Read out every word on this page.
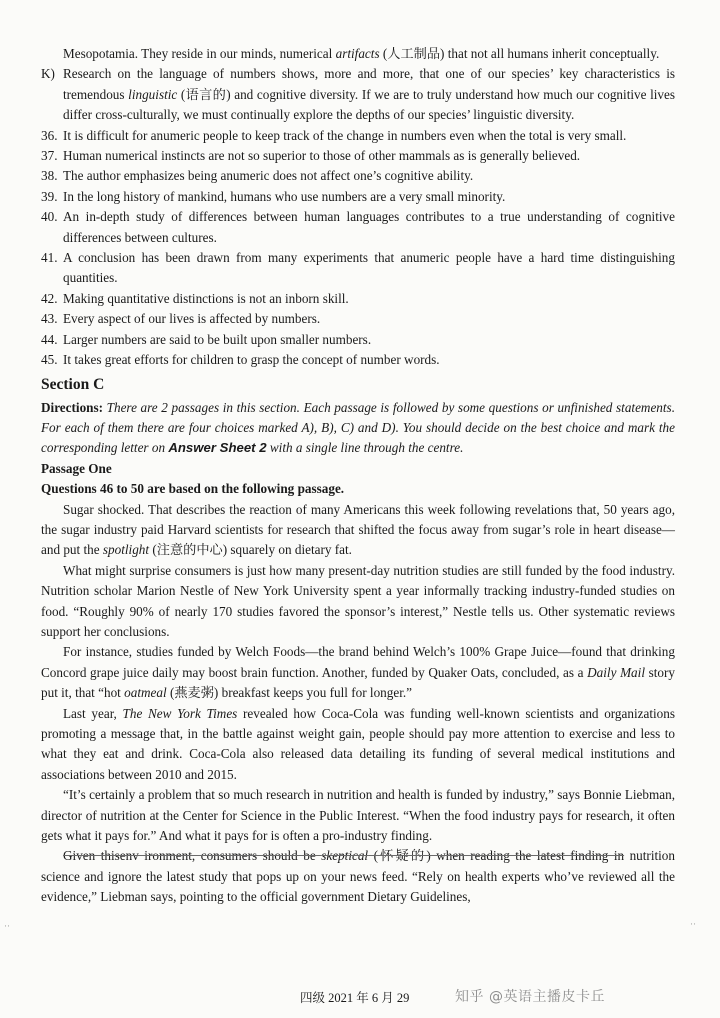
Mesopotamia. They reside in our minds, numerical artifacts (人工制品) that not all humans inherit conceptually.

K) Research on the language of numbers shows, more and more, that one of our species’ key characteristics is tremendous linguistic (语言的) and cognitive diversity. If we are to truly understand how much our cognitive lives differ cross-culturally, we must continually explore the depths of our species’ linguistic diversity.

36. It is difficult for anumeric people to keep track of the change in numbers even when the total is very small.

37. Human numerical instincts are not so superior to those of other mammals as is generally believed.

38. The author emphasizes being anumeric does not affect one’s cognitive ability.

39. In the long history of mankind, humans who use numbers are a very small minority.

40. An in-depth study of differences between human languages contributes to a true understanding of cognitive differences between cultures.

41. A conclusion has been drawn from many experiments that anumeric people have a hard time distinguishing quantities.

42. Making quantitative distinctions is not an inborn skill.

43. Every aspect of our lives is affected by numbers.

44. Larger numbers are said to be built upon smaller numbers.

45. It takes great efforts for children to grasp the concept of number words.

Section C

Directions: There are 2 passages in this section. Each passage is followed by some questions or unfinished statements. For each of them there are four choices marked A), B), C) and D). You should decide on the best choice and mark the corresponding letter on Answer Sheet 2 with a single line through the centre.

Passage One

Questions 46 to 50 are based on the following passage.

Sugar shocked. That describes the reaction of many Americans this week following revelations that, 50 years ago, the sugar industry paid Harvard scientists for research that shifted the focus away from sugar’s role in heart disease—and put the spotlight (注意的中心) squarely on dietary fat.

What might surprise consumers is just how many present-day nutrition studies are still funded by the food industry. Nutrition scholar Marion Nestle of New York University spent a year informally tracking industry-funded studies on food. “Roughly 90% of nearly 170 studies favored the sponsor’s interest,” Nestle tells us. Other systematic reviews support her conclusions.

For instance, studies funded by Welch Foods—the brand behind Welch’s 100% Grape Juice—found that drinking Concord grape juice daily may boost brain function. Another, funded by Quaker Oats, concluded, as a Daily Mail story put it, that “hot oatmeal (燕麦粥) breakfast keeps you full for longer.”

Last year, The New York Times revealed how Coca-Cola was funding well-known scientists and organizations promoting a message that, in the battle against weight gain, people should pay more attention to exercise and less to what they eat and drink. Coca-Cola also released data detailing its funding of several medical institutions and associations between 2010 and 2015.

“It’s certainly a problem that so much research in nutrition and health is funded by industry,” says Bonnie Liebman, director of nutrition at the Center for Science in the Public Interest. “When the food industry pays for research, it often gets what it pays for.” And what it pays for is often a pro-industry finding.

Given thisenv ironment, consumers should be skeptical (怀疑的) when reading the latest finding in nutrition science and ignore the latest study that pops up on your news feed. “Rely on health experts who’ve reviewed all the evidence,” Liebman says, pointing to the official government Dietary Guidelines,

··	··
四级 2021 年 6 月 29	知乎 @英语主播皮卡丘
